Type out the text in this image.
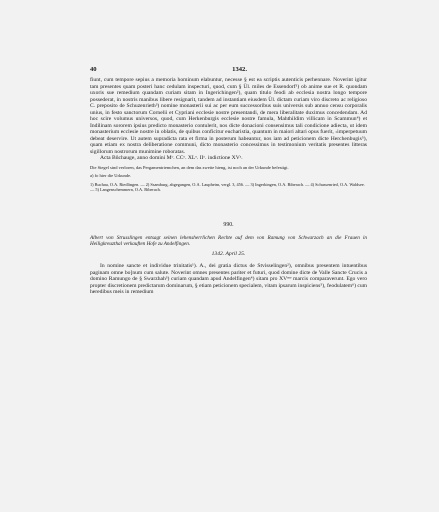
40	1342.

fiunt, cum tempore sepius a memoria hominum elabuntur, necesse § est ea scriptis autenticis perhennare. Noverint igitur tam presentes quam posteri hanc cedulam inspecturi, quod, cum § Ül. miles de Essendorf¹) ob anime sue et R. quondam uxoris sue remedium quandam curiam sitam in Ingerichingen²), quam titulo feodi ab ecclesia nostra longo tempore possederat, in nostris manibus libere resignarit, tandem ad instantiam eiusdem Ül. dictam curiam viro discreto ac religioso C. preposito de Schuzenrieth³) nomine monasterii sui ac per eum successoribus suis universis sub annuo censu corporalis unius, in festo sanctorum Cornelii et Cypriani ecclesie nostre presentandi, de mera liberalitate duximus concedendam. Ad hoc scire volumus universos, quod, cum Herkenburgis ecclesie nostre famula, Mahthildim villicam in Scammun⁴) et Indilinam sororem ipsius predicto monasterio contulerit, nos dicte donacioni consensimus tali condicione adiecta, ut idem monasterium ecclesie nostre in oblatis, de quibus conficitur eucharistia, quantum in maiori altari opus fuerit, ‹imperpetuum debeat deservire. Ut autem supradicta rata et firma in posterum habeantur, nos iam ad peticionem dicte Herchenbugis⁵), quam etiam ex nostra deliberatione communi, dicto monasterio concessimus in testimonium veritatis presentes litteras sigillorum nostrorum munimine roboratas.

Acta Bůchauge, anno domini Mᵒ. CCᵒ. XLᵒ. IIᵒ. indictione XVᵃ.

Die Siegel sind verloren, das Pergamentriemchen, an dem das zweite hieng, ist noch an der Urkunde befestigt.

a) fo hier die Urkunde.

1) Buchau, O.A. Riedlingen. — 2) Ssamburg, abgegangen, O.A. Laupheim, vergl. 3, 456. — 3) Ingerkingen, O.A. Biberach. — 4) Schussenried, O.A. Waldsee. — 5) Langenschemmern, O.A. Biberach.

990.

Albert von Strusslingen entsagt seinen lehensherrlichen Rechte auf dem von Ramung von Schwarzach an die Frauen in Heiligkreuzthal verkauften Hofe zu Andelfingen.

1342. April 25.

In nomine sancte et individue trinitatis¹). A., dei gratia dictus de Stvisselingen²), omnibus presentem intuentibus paginam omne bo]num cum salute. Noverint omnes presentes pariter et futuri, quod domine dicte de Valle Sancte Crucis a domino Ramungo de § Swarzhah³) curiam quandam apud Andelfingen⁴) sitam pro XVᵐᵉ marcis comparaverunt. Ego vero propter discretionem predictarum dominarum, § etiam peticionem specialem, vitam ipsarum inspiciens⁵), feodulatem⁶) cum heredibus meis in remedium
